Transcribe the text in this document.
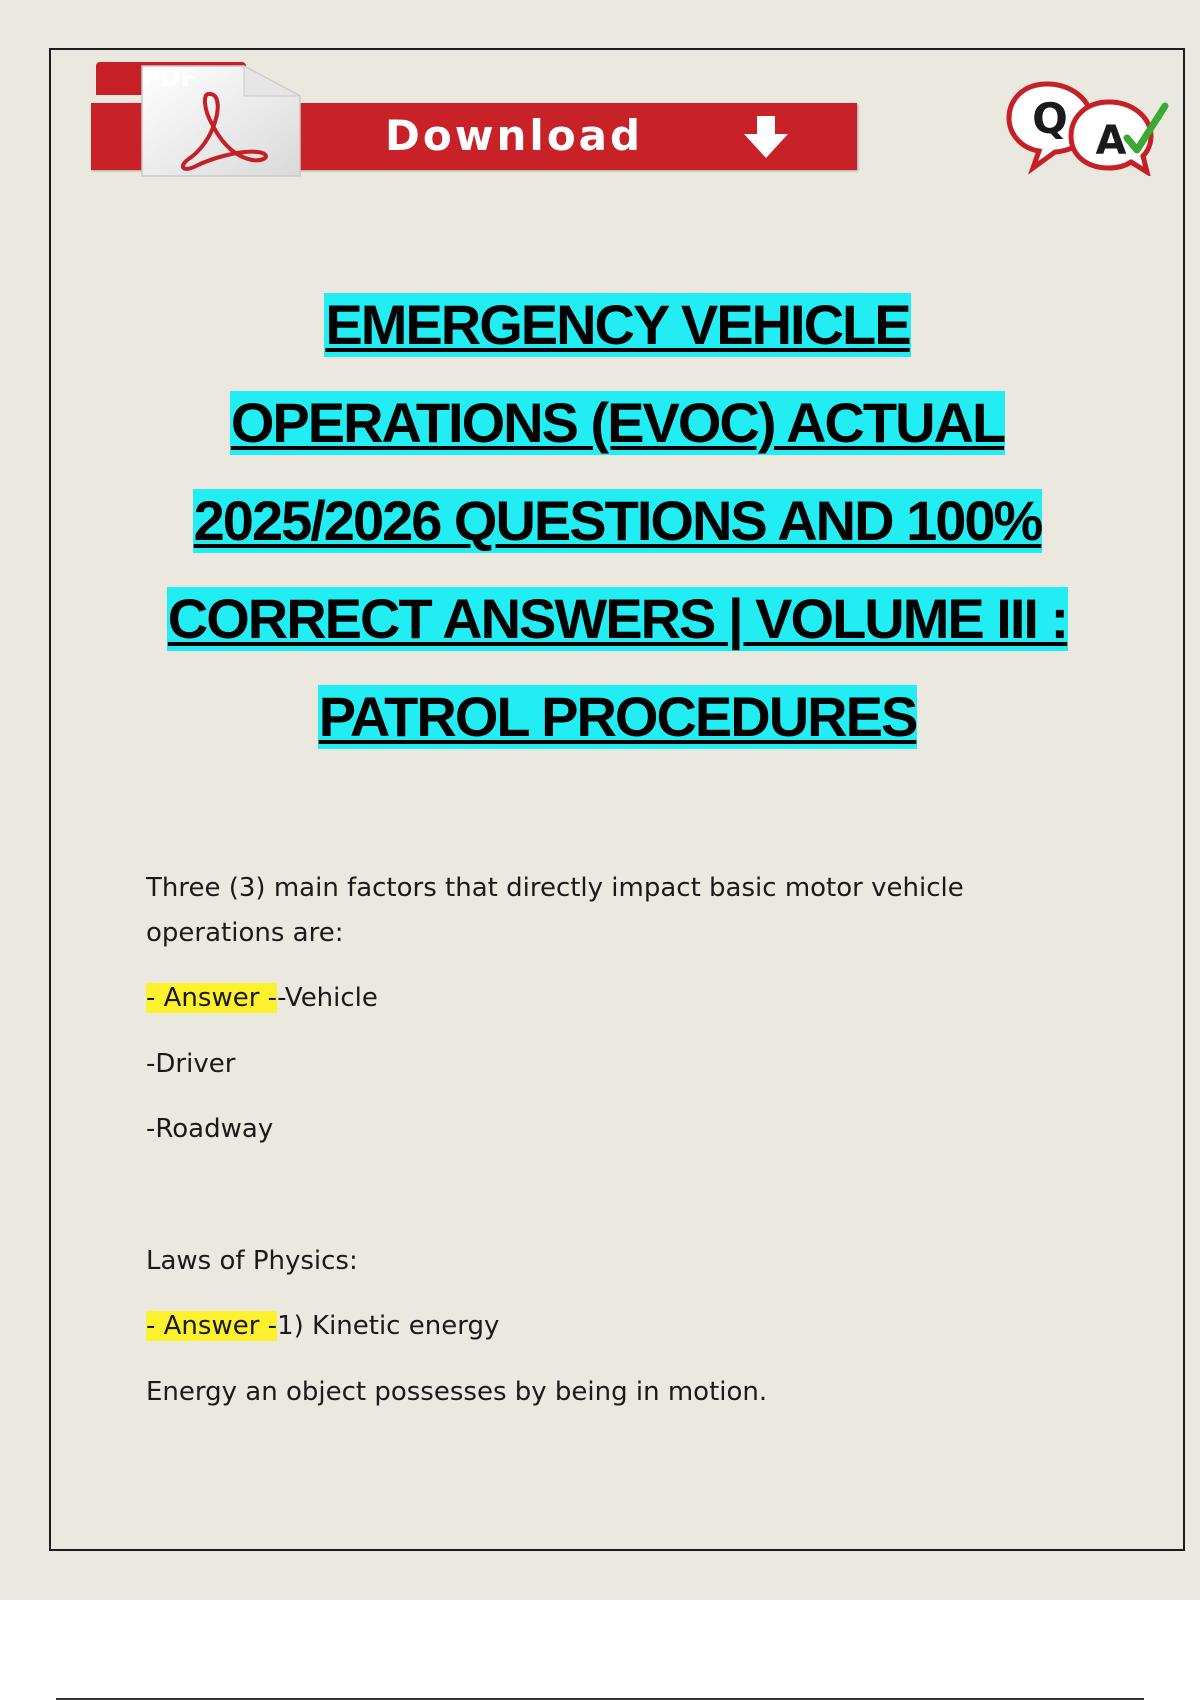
Download
PDF
Q A
EMERGENCY VEHICLE
OPERATIONS (EVOC) ACTUAL
2025/2026 QUESTIONS AND 100%
CORRECT ANSWERS | VOLUME III :
PATROL PROCEDURES

Three (3) main factors that directly impact basic motor vehicle
operations are:

- Answer --Vehicle

-Driver

-Roadway

Laws of Physics:

- Answer -1) Kinetic energy

Energy an object possesses by being in motion.
